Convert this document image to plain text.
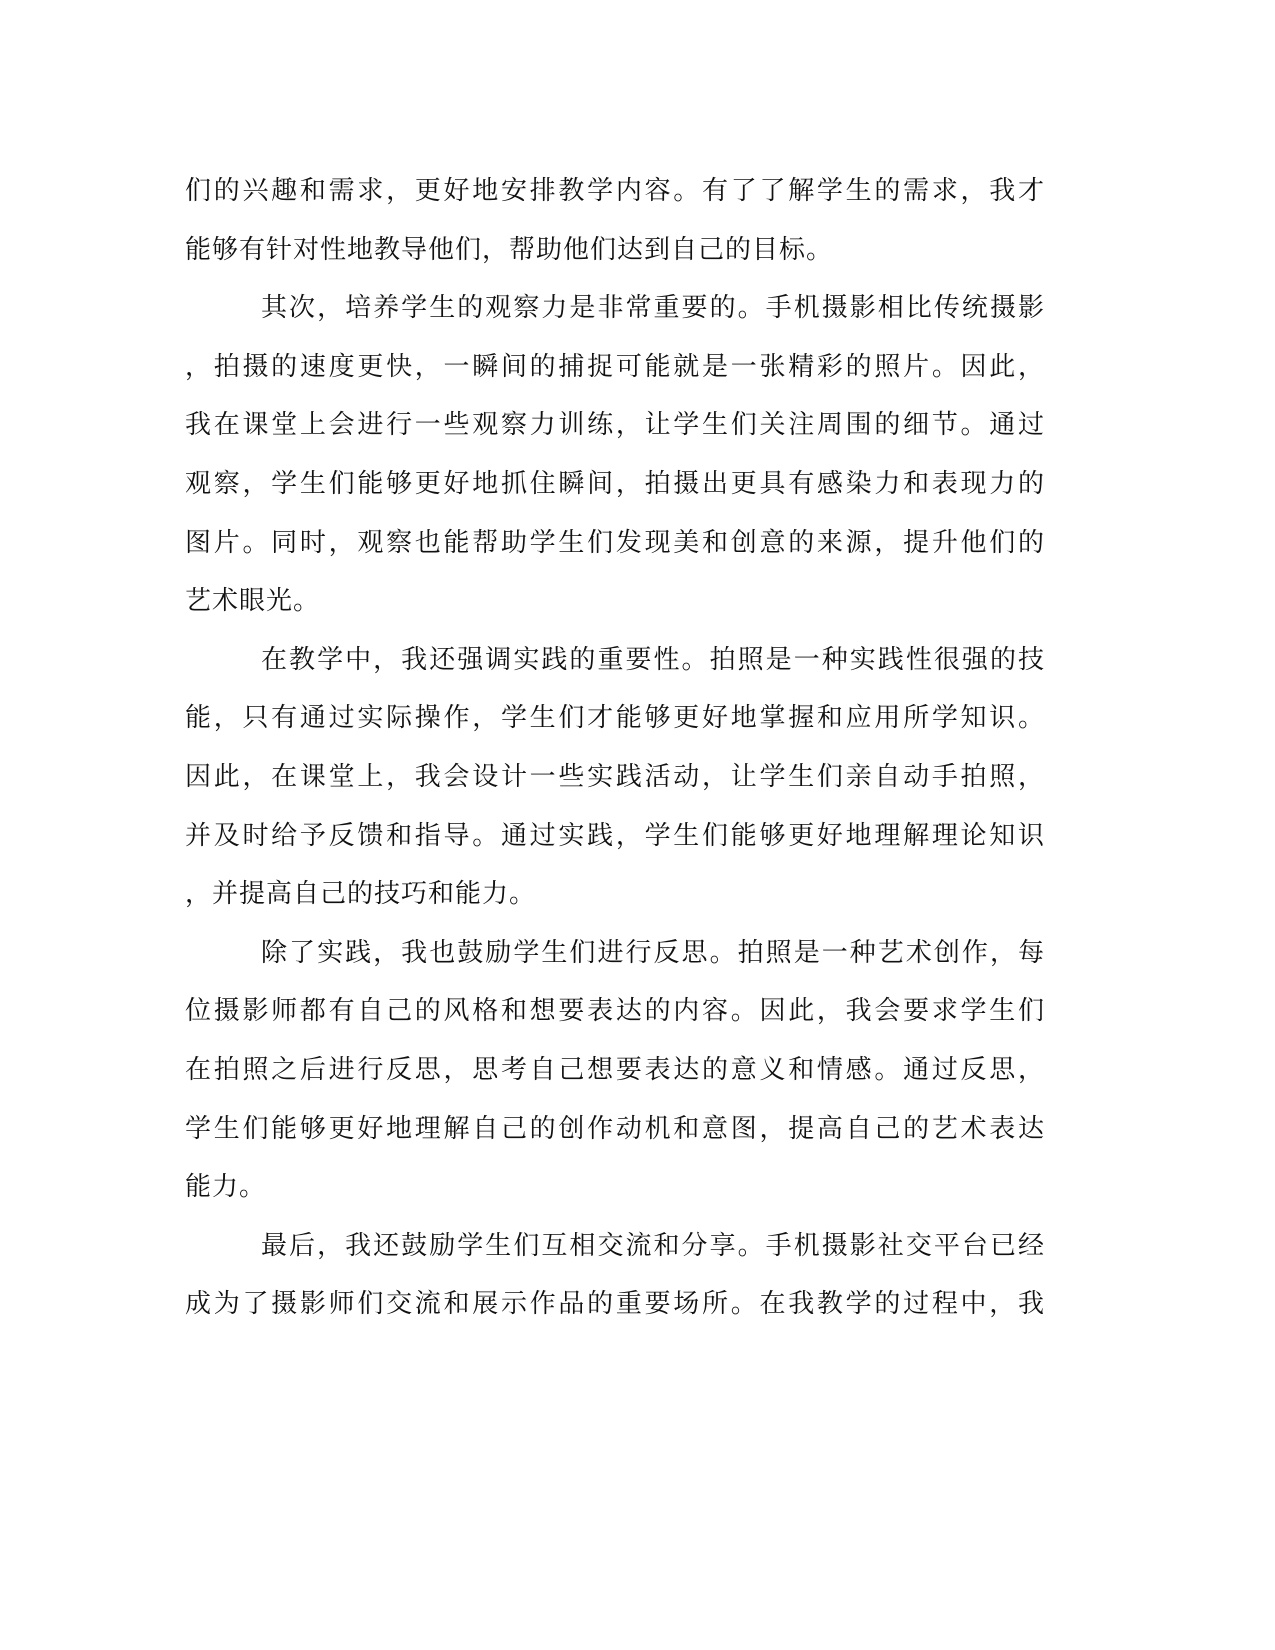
们的兴趣和需求，更好地安排教学内容。有了了解学生的需求，我才
能够有针对性地教导他们，帮助他们达到自己的目标。
其次，培养学生的观察力是非常重要的。手机摄影相比传统摄影
，拍摄的速度更快，一瞬间的捕捉可能就是一张精彩的照片。因此，
我在课堂上会进行一些观察力训练，让学生们关注周围的细节。通过
观察，学生们能够更好地抓住瞬间，拍摄出更具有感染力和表现力的
图片。同时，观察也能帮助学生们发现美和创意的来源，提升他们的
艺术眼光。
在教学中，我还强调实践的重要性。拍照是一种实践性很强的技
能，只有通过实际操作，学生们才能够更好地掌握和应用所学知识。
因此，在课堂上，我会设计一些实践活动，让学生们亲自动手拍照，
并及时给予反馈和指导。通过实践，学生们能够更好地理解理论知识
，并提高自己的技巧和能力。
除了实践，我也鼓励学生们进行反思。拍照是一种艺术创作，每
位摄影师都有自己的风格和想要表达的内容。因此，我会要求学生们
在拍照之后进行反思，思考自己想要表达的意义和情感。通过反思，
学生们能够更好地理解自己的创作动机和意图，提高自己的艺术表达
能力。
最后，我还鼓励学生们互相交流和分享。手机摄影社交平台已经
成为了摄影师们交流和展示作品的重要场所。在我教学的过程中，我
